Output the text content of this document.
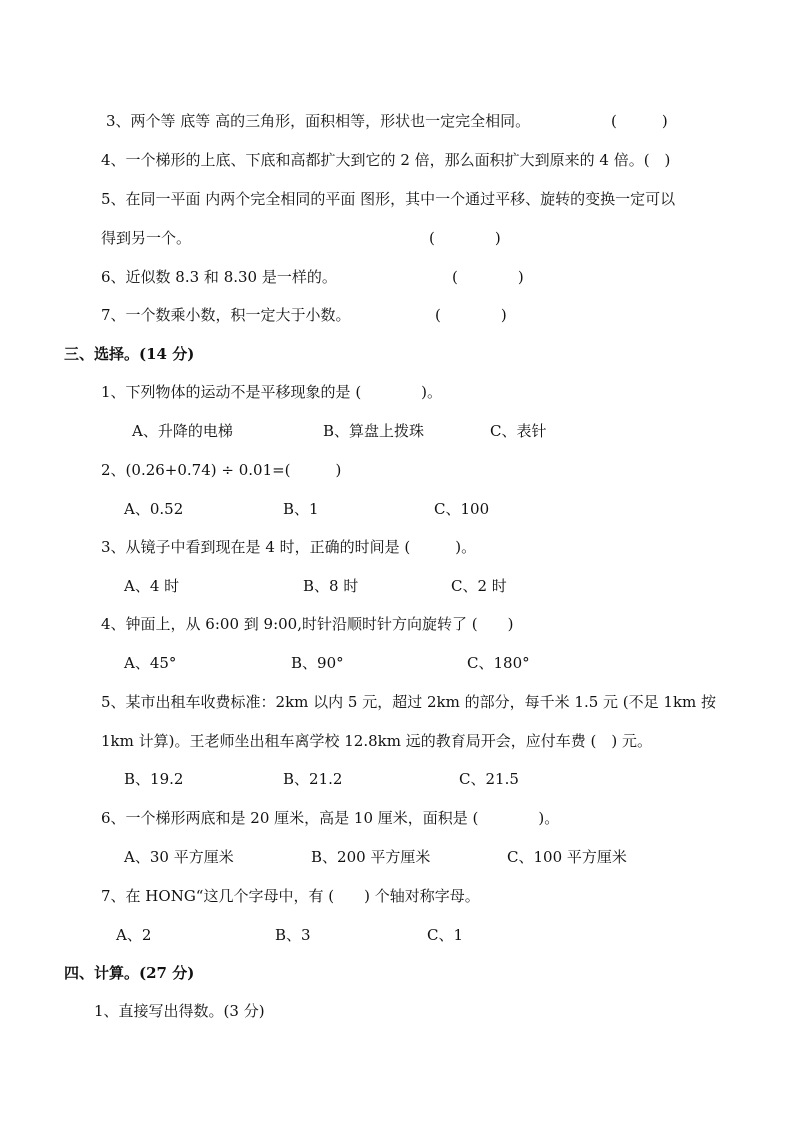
3、两个等 底等 高的三角形，面积相等，形状也一定完全相同。	(　　　)
4、一个梯形的上底、下底和高都扩大到它的 2 倍，那么面积扩大到原来的 4 倍。(　)
5、在同一平面 内两个完全相同的平面 图形，其中一个通过平移、旋转的变换一定可以
得到另一个。	(　　　　)
6、近似数 8.3 和 8.30 是一样的。	(　　　　)
7、一个数乘小数，积一定大于小数。	(　　　　)
三、选择。(14 分)
1、下列物体的运动不是平移现象的是 (　　　　)。
A、升降的电梯	B、算盘上拨珠	C、表针
2、(0.26+0.74) ÷ 0.01=(　　　)
A、0.52	B、1	C、100
3、从镜子中看到现在是 4 时，正确的时间是 (　　　)。
A、4 时	B、8 时	C、2 时
4、钟面上，从 6:00 到 9:00,时针沿顺时针方向旋转了 (　　)
A、45°	B、90°	C、180°
5、某市出租车收费标准：2km 以内 5 元，超过 2km 的部分，每千米 1.5 元 (不足 1km 按
1km 计算)。王老师坐出租车离学校 12.8km 远的教育局开会，应付车费 (　) 元。
B、19.2	B、21.2	C、21.5
6、一个梯形两底和是 20 厘米，高是 10 厘米，面积是 (　　　　)。
A、30 平方厘米	B、200 平方厘米	C、100 平方厘米
7、在 HONG“这几个字母中，有 (　　) 个轴对称字母。
A、2	B、3	C、1
四、计算。(27 分)
1、直接写出得数。(3 分)
